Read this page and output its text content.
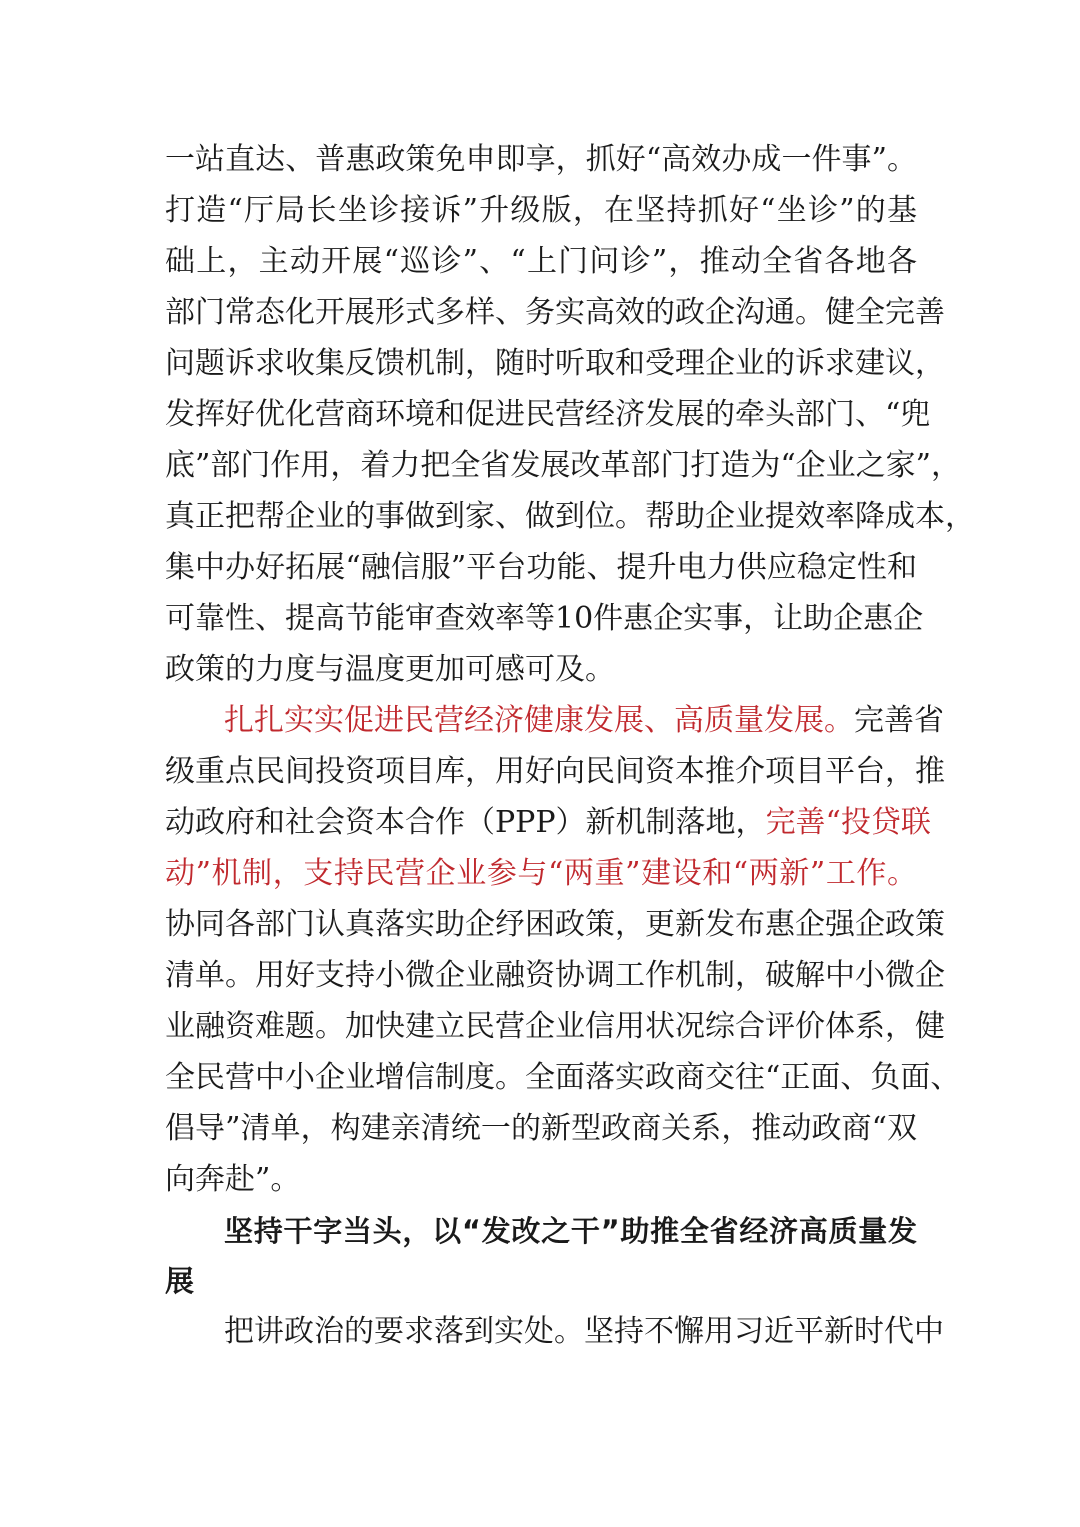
一站直达、普惠政策免申即享，抓好“高效办成一件事”。

打造“厅局长坐诊接诉”升级版，在坚持抓好“坐诊”的基

础上，主动开展“巡诊”、“上门问诊”，推动全省各地各

部门常态化开展形式多样、务实高效的政企沟通。健全完善

问题诉求收集反馈机制，随时听取和受理企业的诉求建议，

发挥好优化营商环境和促进民营经济发展的牵头部门、“兜

底”部门作用，着力把全省发展改革部门打造为“企业之家”，

真正把帮企业的事做到家、做到位。帮助企业提效率降成本，

集中办好拓展“融信服”平台功能、提升电力供应稳定性和

可靠性、提高节能审查效率等10件惠企实事，让助企惠企

政策的力度与温度更加可感可及。

扎扎实实促进民营经济健康发展、高质量发展。完善省

级重点民间投资项目库，用好向民间资本推介项目平台，推

动政府和社会资本合作（PPP）新机制落地，完善“投贷联

动”机制，支持民营企业参与“两重”建设和“两新”工作。

协同各部门认真落实助企纾困政策，更新发布惠企强企政策

清单。用好支持小微企业融资协调工作机制，破解中小微企

业融资难题。加快建立民营企业信用状况综合评价体系，健

全民营中小企业增信制度。全面落实政商交往“正面、负面、

倡导”清单，构建亲清统一的新型政商关系，推动政商“双

向奔赴”。

坚持干字当头，以“发改之干”助推全省经济高质量发

展

把讲政治的要求落到实处。坚持不懈用习近平新时代中
